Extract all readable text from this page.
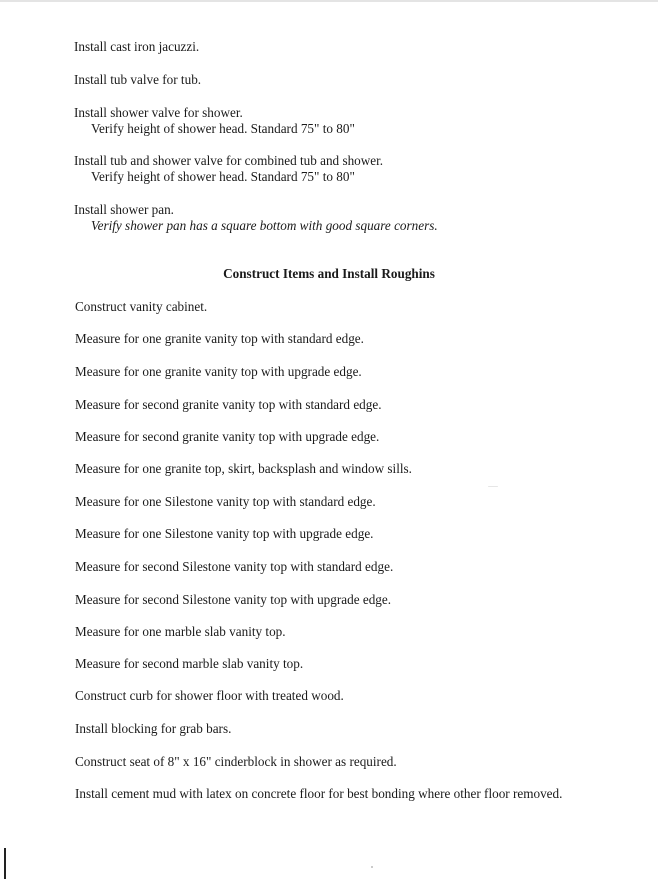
Install cast iron jacuzzi.
Install tub valve for tub.
Install shower valve for shower.
Verify height of shower head. Standard 75" to 80"
Install tub and shower valve for combined tub and shower.
Verify height of shower head. Standard 75" to 80"
Install shower pan.
Verify shower pan has a square bottom with good square corners.
Construct Items and Install Roughins
Construct vanity cabinet.
Measure for one granite vanity top with standard edge.
Measure for one granite vanity top with upgrade edge.
Measure for second granite vanity top with standard edge.
Measure for second granite vanity top with upgrade edge.
Measure for one granite top, skirt, backsplash and window sills.
Measure for one Silestone vanity top with standard edge.
Measure for one Silestone vanity top with upgrade edge.
Measure for second Silestone vanity top with standard edge.
Measure for second Silestone vanity top with upgrade edge.
Measure for one marble slab vanity top.
Measure for second marble slab vanity top.
Construct curb for shower floor with treated wood.
Install blocking for grab bars.
Construct seat of 8" x 16" cinderblock in shower as required.
Install cement mud with latex on concrete floor for best bonding where other floor removed.
